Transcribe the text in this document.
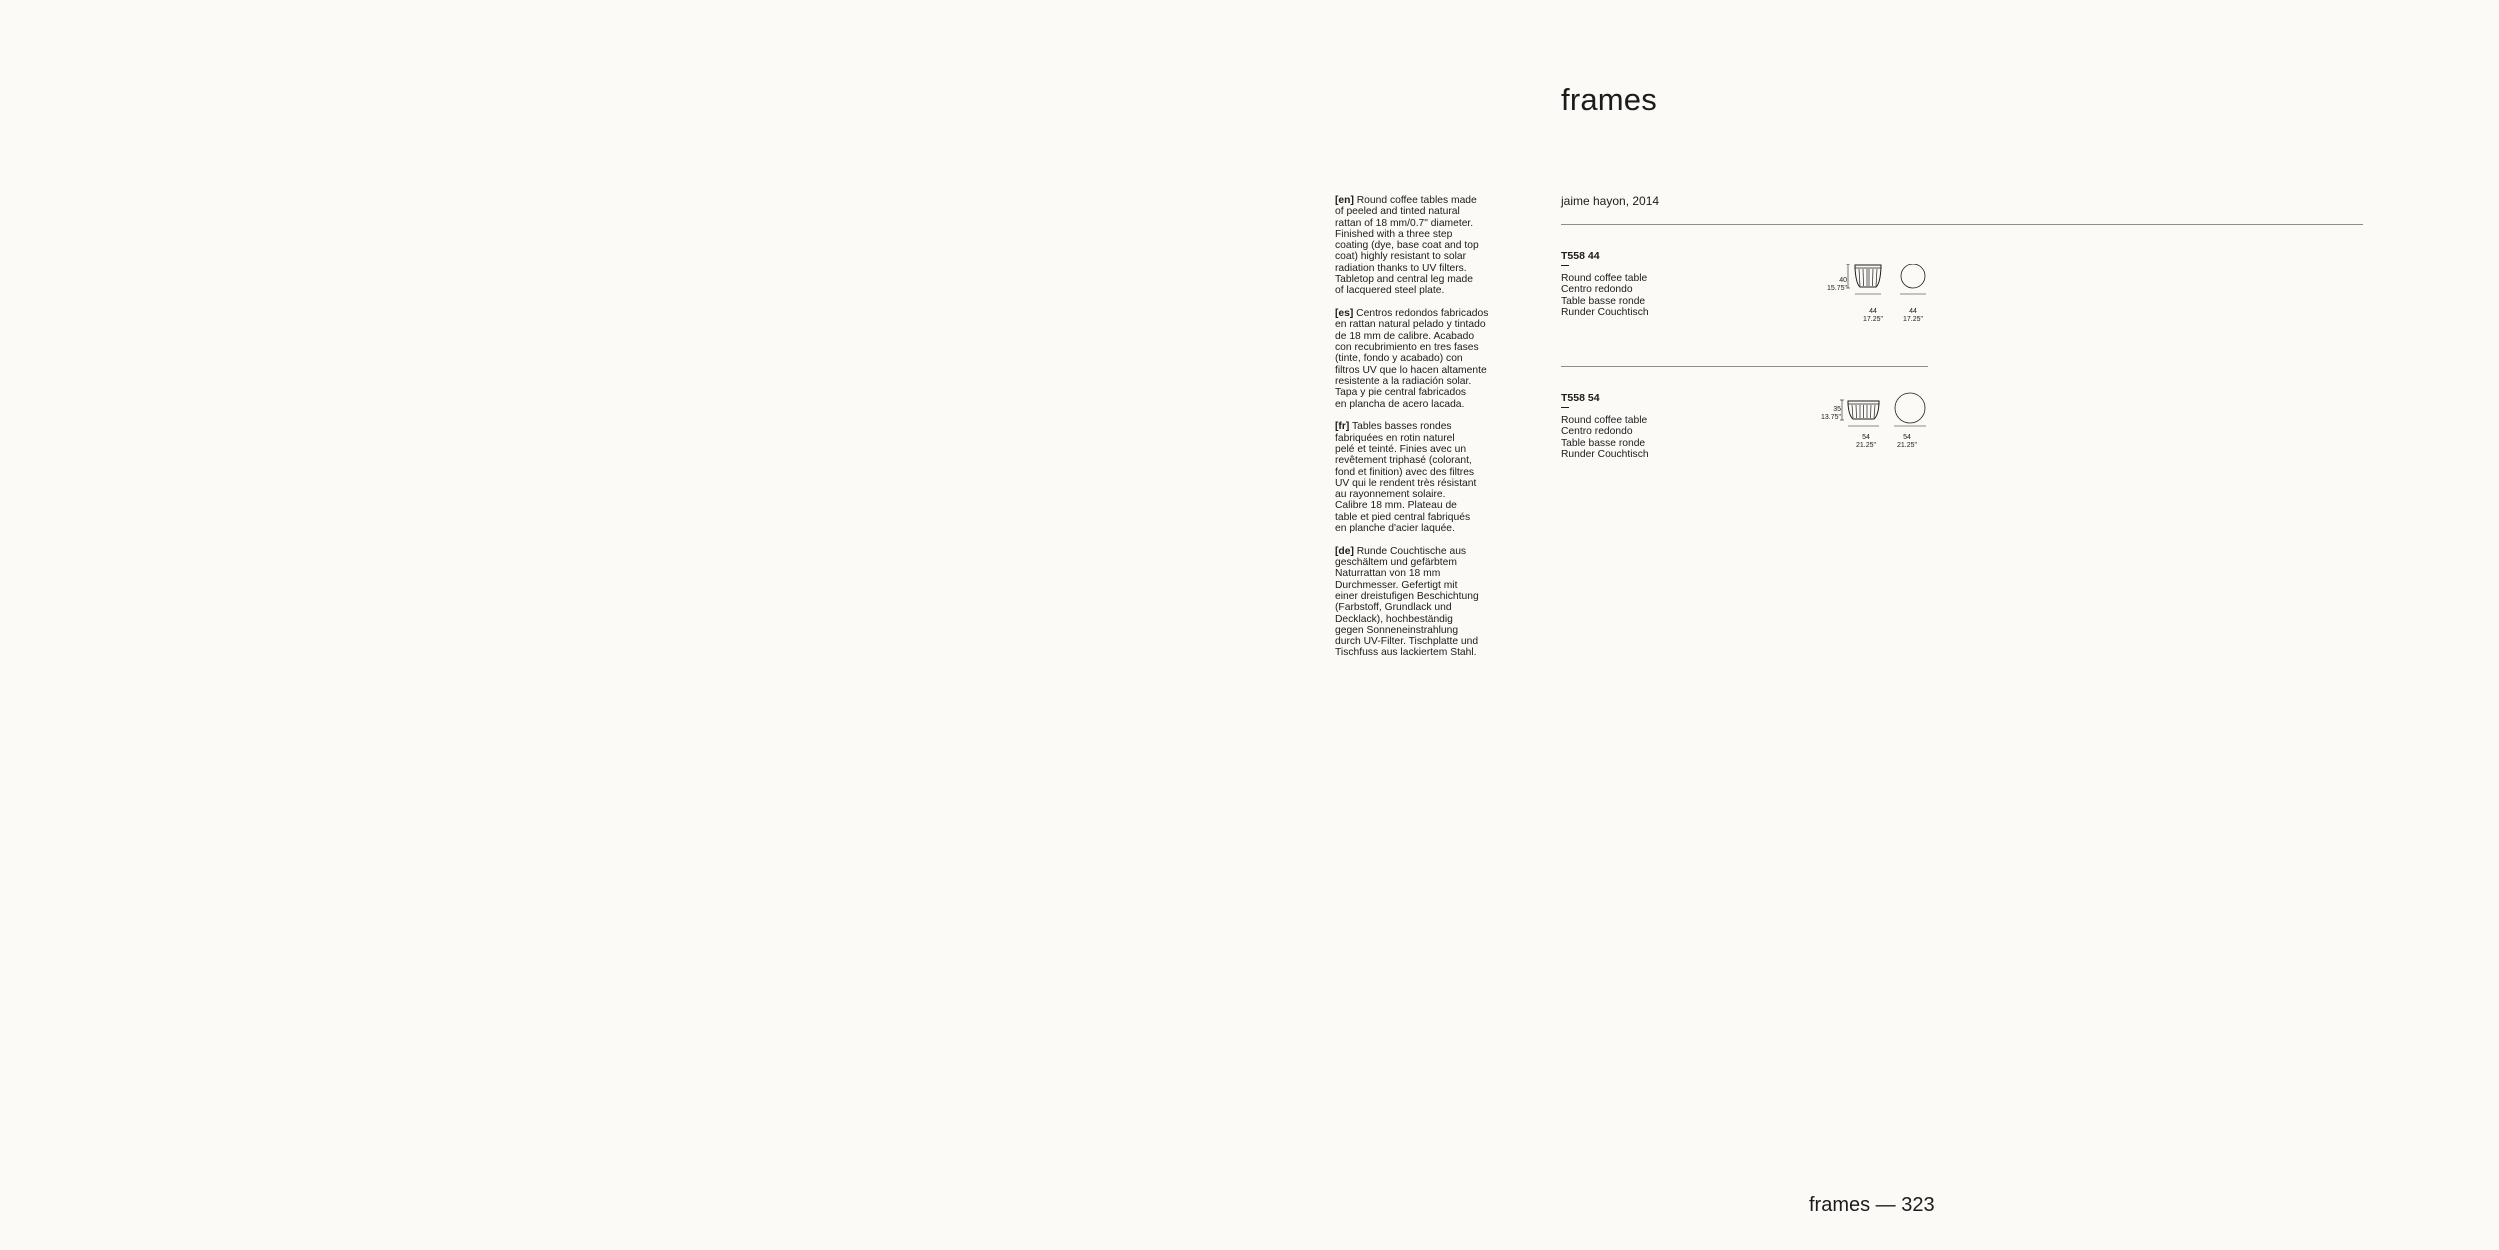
frames

[en] Round coffee tables made
of peeled and tinted natural
rattan of 18 mm/0.7" diameter.
Finished with a three step
coating (dye, base coat and top
coat) highly resistant to solar
radiation thanks to UV filters.
Tabletop and central leg made
of lacquered steel plate.

[es] Centros redondos fabricados
en rattan natural pelado y tintado
de 18 mm de calibre. Acabado
con recubrimiento en tres fases
(tinte, fondo y acabado) con
filtros UV que lo hacen altamente
resistente a la radiación solar.
Tapa y pie central fabricados
en plancha de acero lacada.

[fr] Tables basses rondes
fabriquées en rotin naturel
pelé et teinté. Finies avec un
revêtement triphasé (colorant,
fond et finition) avec des filtres
UV qui le rendent très résistant
au rayonnement solaire.
Calibre 18 mm. Plateau de
table et pied central fabriqués
en planche d'acier laquée.

[de] Runde Couchtische aus
geschältem und gefärbtem
Naturrattan von 18 mm
Durchmesser. Gefertigt mit
einer dreistufigen Beschichtung
(Farbstoff, Grundlack und
Decklack), hochbeständig
gegen Sonneneinstrahlung
durch UV-Filter. Tischplatte und
Tischfuss aus lackiertem Stahl.

jaime hayon, 2014
T558 44
Round coffee table
Centro redondo
Table basse ronde
Runder Couchtisch
40
15.75"
44
17.25"
44
17.25"
T558 54
Round coffee table
Centro redondo
Table basse ronde
Runder Couchtisch
35
13.75"
54
21.25"
54
21.25"
frames — 323
